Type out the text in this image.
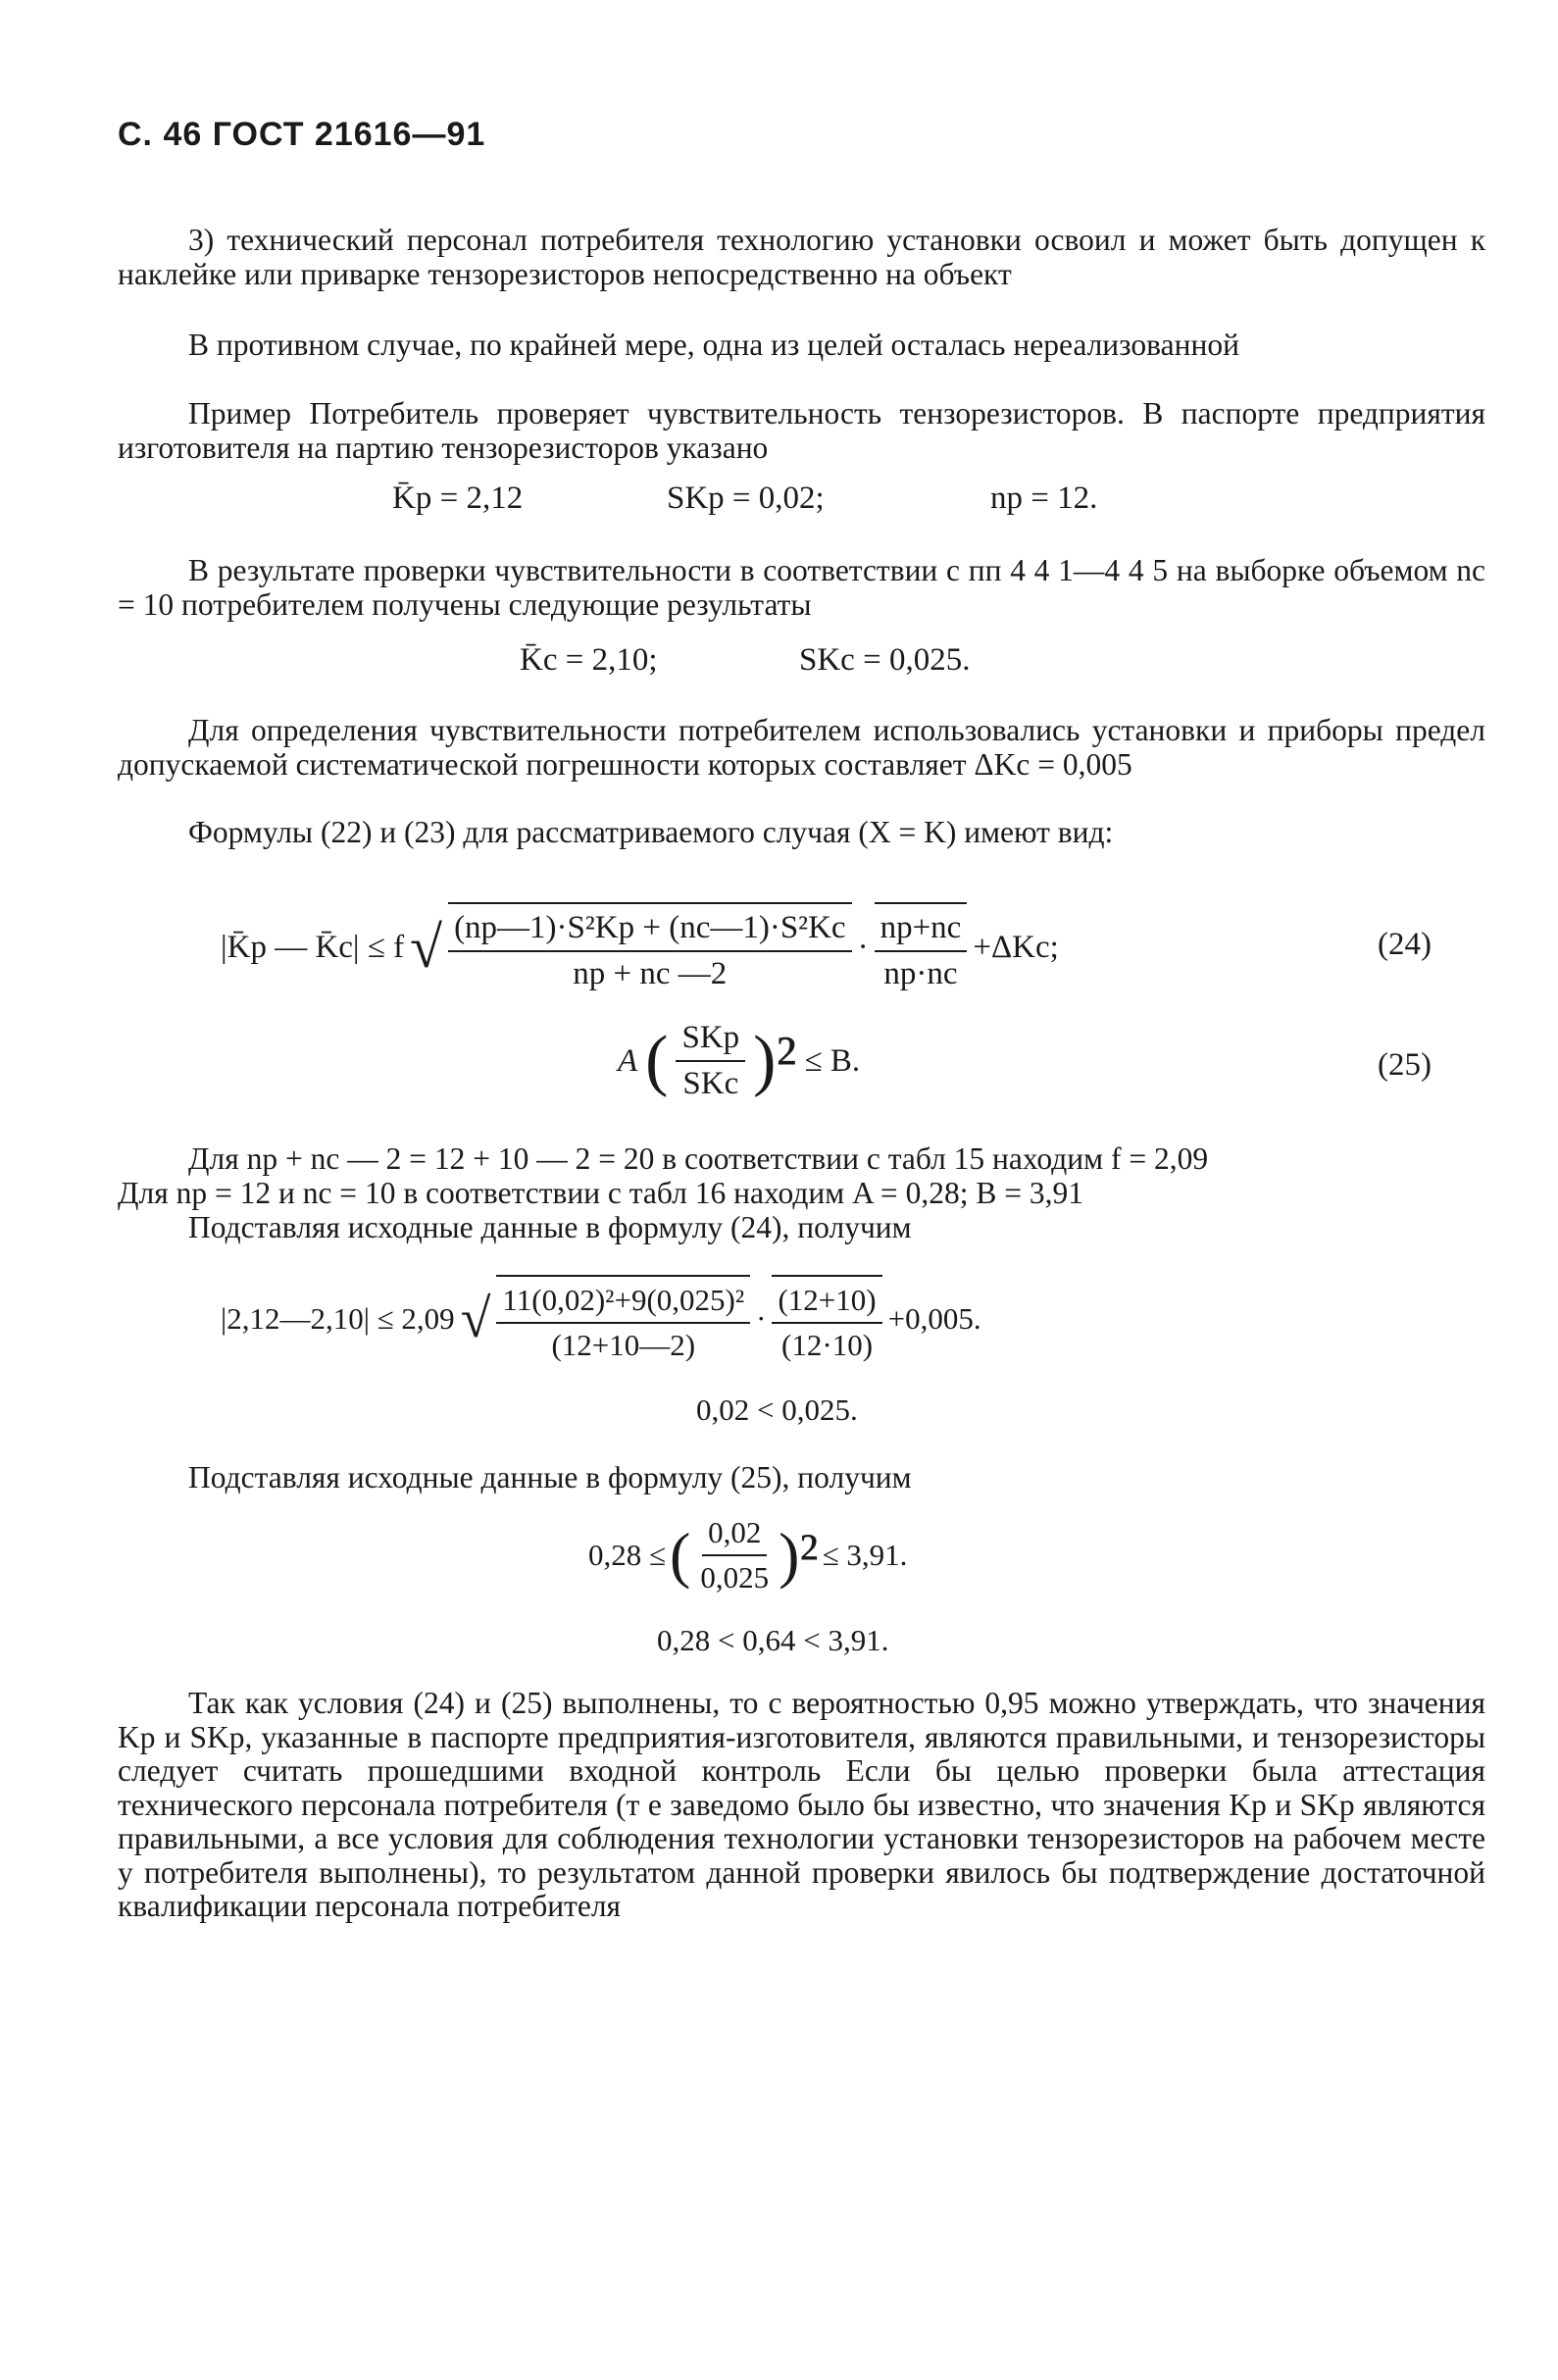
С. 46 ГОСТ 21616—91

3) технический персонал потребителя технологию установки освоил и может быть допущен к наклейке или приварке тензорезисторов непосредственно на объект

В противном случае, по крайней мере, одна из целей осталась нереализованной

Пример Потребитель проверяет чувствительность тензорезисторов. В паспорте предприятия изготовителя на партию тензорезисторов указано

K̄р = 2,12	SKр = 0,02;	nр = 12.

В результате проверки чувствительности в соответствии с пп 4 4 1—4 4 5 на выборке объемом nc = 10 потребителем получены следующие результаты

K̄с = 2,10;	SKс = 0,025.

Для определения чувствительности потребителем использовались установки и приборы предел допускаемой систематической погрешности которых составляет ΔKc = 0,005

Формулы (22) и (23) для рассматриваемого случая (X = K) имеют вид:

|K̄р — K̄с| ≤ f √ $\frac{\text{(nр—1)·S²Kр + (nс—1)·S²Kс}}{nр + nс —2} \cdot \frac{nр+nс}{nр\cdot nс} +\Delta Kс$;	(24)
A ( $\frac{\text{SKр}}{\text{SKс}} )^2 \le B$.	(25)

Для nр + nс — 2 = 12 + 10 — 2 = 20 в соответствии с табл 15 находим f = 2,09

Для nр = 12 и nс = 10 в соответствии с табл 16 находим A = 0,28; B = 3,91

Подставляя исходные данные в формулу (24), получим

|2,12—2,10| ≤ 2,09 √ $\frac{\text{11(0,02)²+9(0,025)²}}{(12+10—2)} \cdot \frac{(12+10)}{(12\cdot 10)} +0,005$.
0,02 < 0,025.

Подставляя исходные данные в формулу (25), получим

0,28 ≤ ( $\frac{0,02}{0,025} )^2 \le 3,91$.
0,28 < 0,64 < 3,91.

Так как условия (24) и (25) выполнены, то с вероятностью 0,95 можно утверждать, что значения Kр и SKр, указанные в паспорте предприятия-изготовителя, являются правильными, и тензорезисторы следует считать прошедшими входной контроль Если бы целью проверки была аттестация технического персонала потребителя (т е заведомо было бы известно, что значения Kр и SKр являются правильными, а все условия для соблюдения технологии установки тензорезисторов на рабочем месте у потребителя выполнены), то результатом данной проверки явилось бы подтверждение достаточной квалификации персонала потребителя
